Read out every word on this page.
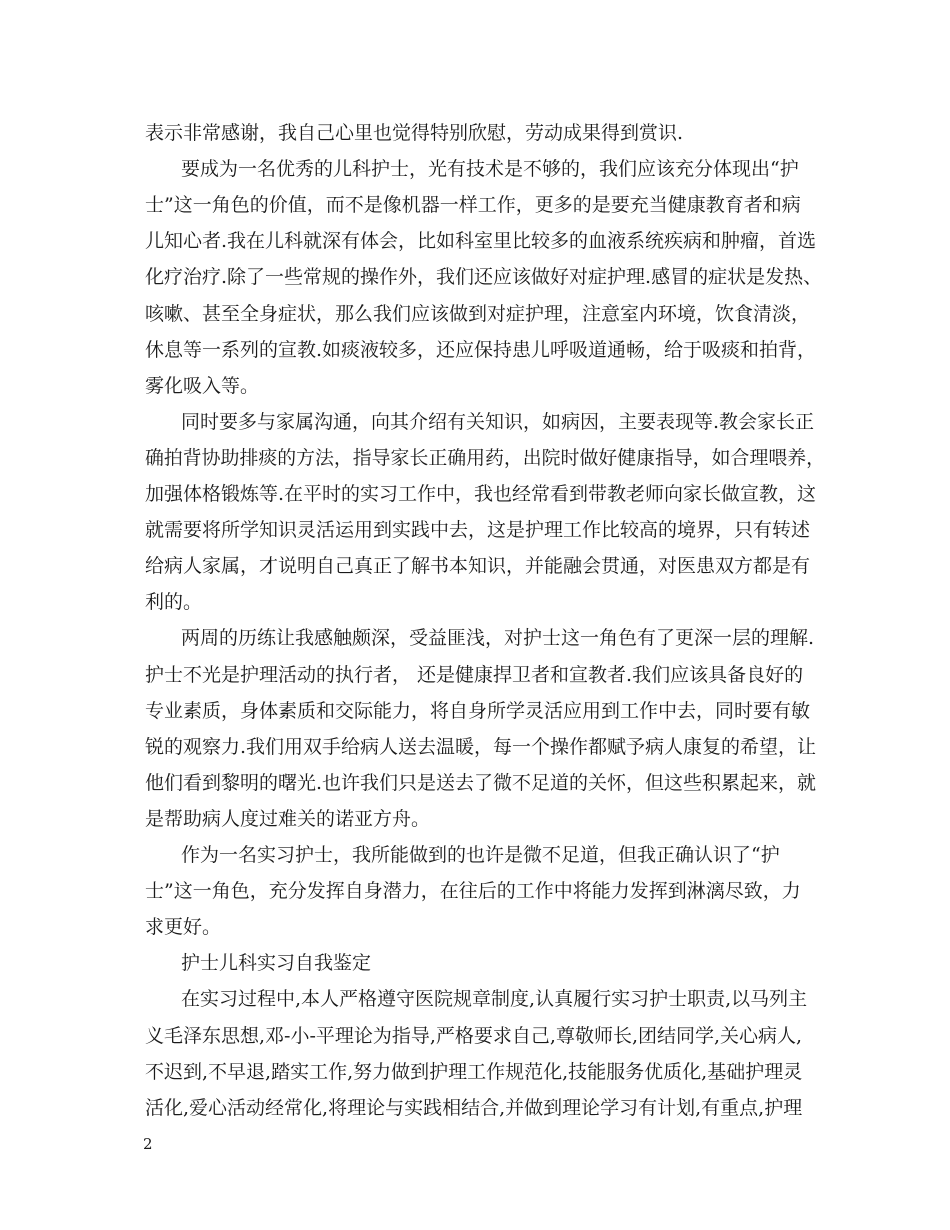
表示非常感谢，我自己心里也觉得特别欣慰，劳动成果得到赏识.
要成为一名优秀的儿科护士，光有技术是不够的，我们应该充分体现出“护
士”这一角色的价值，而不是像机器一样工作，更多的是要充当健康教育者和病
儿知心者.我在儿科就深有体会，比如科室里比较多的血液系统疾病和肿瘤，首选
化疗治疗.除了一些常规的操作外，我们还应该做好对症护理.感冒的症状是发热、
咳嗽、甚至全身症状，那么我们应该做到对症护理，注意室内环境，饮食清淡，
休息等一系列的宣教.如痰液较多，还应保持患儿呼吸道通畅，给于吸痰和拍背，
雾化吸入等。
同时要多与家属沟通，向其介绍有关知识，如病因，主要表现等.教会家长正
确拍背协助排痰的方法，指导家长正确用药，出院时做好健康指导，如合理喂养，
加强体格锻炼等.在平时的实习工作中，我也经常看到带教老师向家长做宣教，这
就需要将所学知识灵活运用到实践中去，这是护理工作比较高的境界，只有转述
给病人家属，才说明自己真正了解书本知识，并能融会贯通，对医患双方都是有
利的。
两周的历练让我感触颇深，受益匪浅，对护士这一角色有了更深一层的理解.
护士不光是护理活动的执行者， 还是健康捍卫者和宣教者.我们应该具备良好的
专业素质，身体素质和交际能力，将自身所学灵活应用到工作中去，同时要有敏
锐的观察力.我们用双手给病人送去温暖，每一个操作都赋予病人康复的希望，让
他们看到黎明的曙光.也许我们只是送去了微不足道的关怀，但这些积累起来，就
是帮助病人度过难关的诺亚方舟。
作为一名实习护士，我所能做到的也许是微不足道，但我正确认识了“护
士”这一角色，充分发挥自身潜力，在往后的工作中将能力发挥到淋漓尽致，力
求更好。
护士儿科实习自我鉴定
在实习过程中,本人严格遵守医院规章制度,认真履行实习护士职责,以马列主
义毛泽东思想,邓-小-平理论为指导,严格要求自己,尊敬师长,团结同学,关心病人,
不迟到,不早退,踏实工作,努力做到护理工作规范化,技能服务优质化,基础护理灵
活化,爱心活动经常化,将理论与实践相结合,并做到理论学习有计划,有重点,护理
2
